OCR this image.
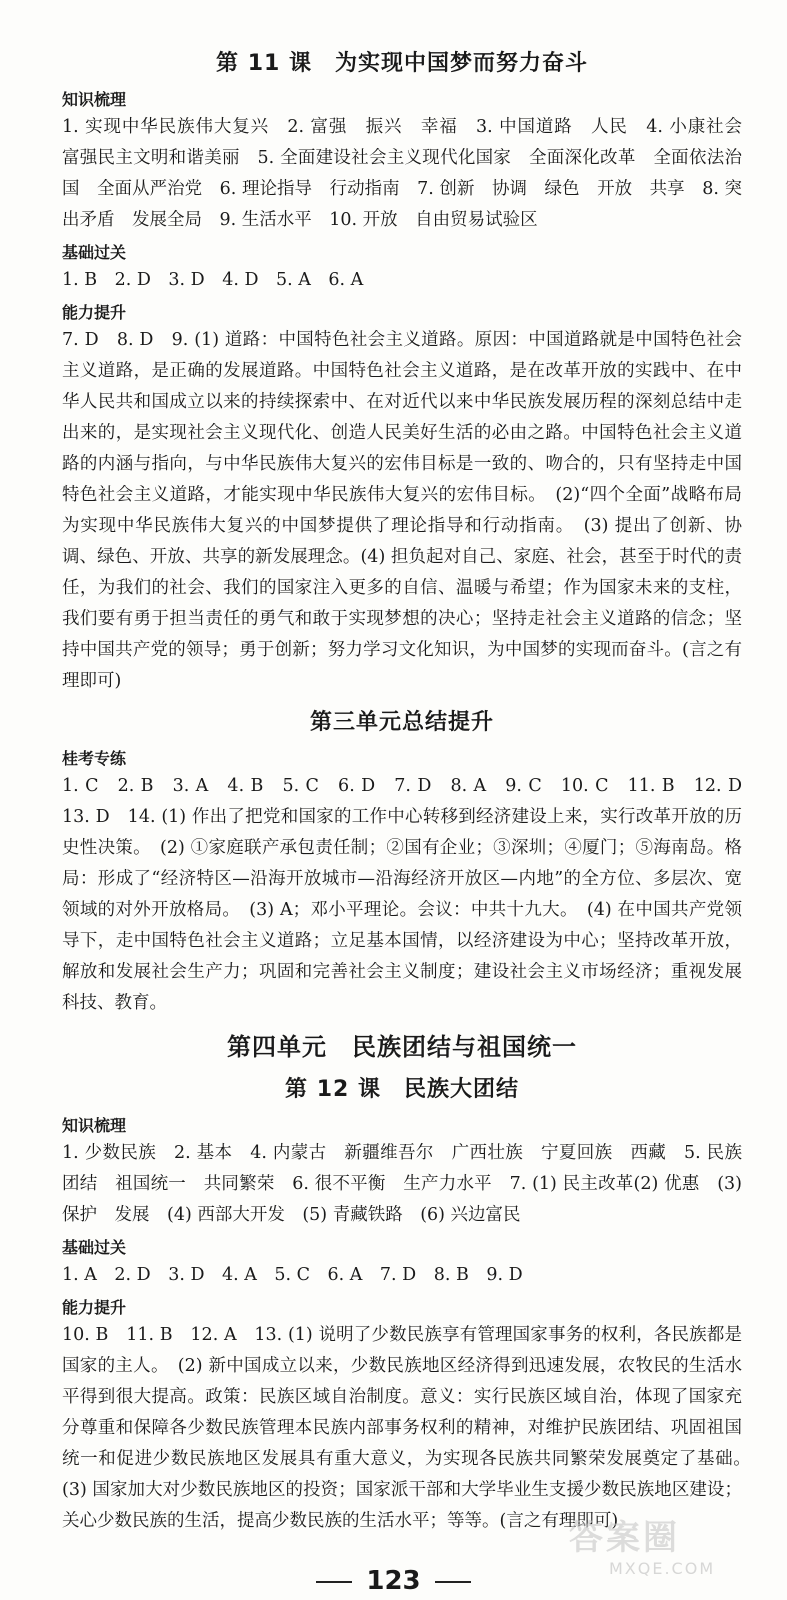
第 11 课　为实现中国梦而努力奋斗
知识梳理

1. 实现中华民族伟大复兴　2. 富强　振兴　幸福　3. 中国道路　人民　4. 小康社会　富强民主文明和谐美丽　5. 全面建设社会主义现代化国家　全面深化改革　全面依法治国　全面从严治党　6. 理论指导　行动指南　7. 创新　协调　绿色　开放　共享　8. 突出矛盾　发展全局　9. 生活水平　10. 开放　自由贸易试验区

基础过关

1. B　2. D　3. D　4. D　5. A　6. A

能力提升

7. D　8. D　9. (1) 道路：中国特色社会主义道路。原因：中国道路就是中国特色社会主义道路，是正确的发展道路。中国特色社会主义道路，是在改革开放的实践中、在中华人民共和国成立以来的持续探索中、在对近代以来中华民族发展历程的深刻总结中走出来的，是实现社会主义现代化、创造人民美好生活的必由之路。中国特色社会主义道路的内涵与指向，与中华民族伟大复兴的宏伟目标是一致的、吻合的，只有坚持走中国特色社会主义道路，才能实现中华民族伟大复兴的宏伟目标。　(2)“四个全面”战略布局为实现中华民族伟大复兴的中国梦提供了理论指导和行动指南。　(3) 提出了创新、协调、绿色、开放、共享的新发展理念。(4) 担负起对自己、家庭、社会，甚至于时代的责任，为我们的社会、我们的国家注入更多的自信、温暖与希望；作为国家未来的支柱，我们要有勇于担当责任的勇气和敢于实现梦想的决心；坚持走社会主义道路的信念；坚持中国共产党的领导；勇于创新；努力学习文化知识，为中国梦的实现而奋斗。(言之有理即可)

第三单元总结提升
桂考专练

1. C　2. B　3. A　4. B　5. C　6. D　7. D　8. A　9. C　10. C　11. B　12. D　13. D　14. (1) 作出了把党和国家的工作中心转移到经济建设上来，实行改革开放的历史性决策。　(2) ①家庭联产承包责任制；②国有企业；③深圳；④厦门；⑤海南岛。格局：形成了“经济特区—沿海开放城市—沿海经济开放区—内地”的全方位、多层次、宽领域的对外开放格局。　(3) A；邓小平理论。会议：中共十九大。　(4) 在中国共产党领导下，走中国特色社会主义道路；立足基本国情，以经济建设为中心；坚持改革开放，解放和发展社会生产力；巩固和完善社会主义制度；建设社会主义市场经济；重视发展科技、教育。

第四单元　民族团结与祖国统一
第 12 课　民族大团结
知识梳理

1. 少数民族　2. 基本　4. 内蒙古　新疆维吾尔　广西壮族　宁夏回族　西藏　5. 民族团结　祖国统一　共同繁荣　6. 很不平衡　生产力水平　7. (1) 民主改革(2) 优惠　(3) 保护　发展　(4) 西部大开发　(5) 青藏铁路　(6) 兴边富民

基础过关

1. A　2. D　3. D　4. A　5. C　6. A　7. D　8. B　9. D

能力提升

10. B　11. B　12. A　13. (1) 说明了少数民族享有管理国家事务的权利，各民族都是国家的主人。　(2) 新中国成立以来，少数民族地区经济得到迅速发展，农牧民的生活水平得到很大提高。政策：民族区域自治制度。意义：实行民族区域自治，体现了国家充分尊重和保障各少数民族管理本民族内部事务权利的精神，对维护民族团结、巩固祖国统一和促进少数民族地区发展具有重大意义，为实现各民族共同繁荣发展奠定了基础。　(3) 国家加大对少数民族地区的投资；国家派干部和大学毕业生支援少数民族地区建设；关心少数民族的生活，提高少数民族的生活水平；等等。(言之有理即可)

答案圈
MXQE.COM
123
